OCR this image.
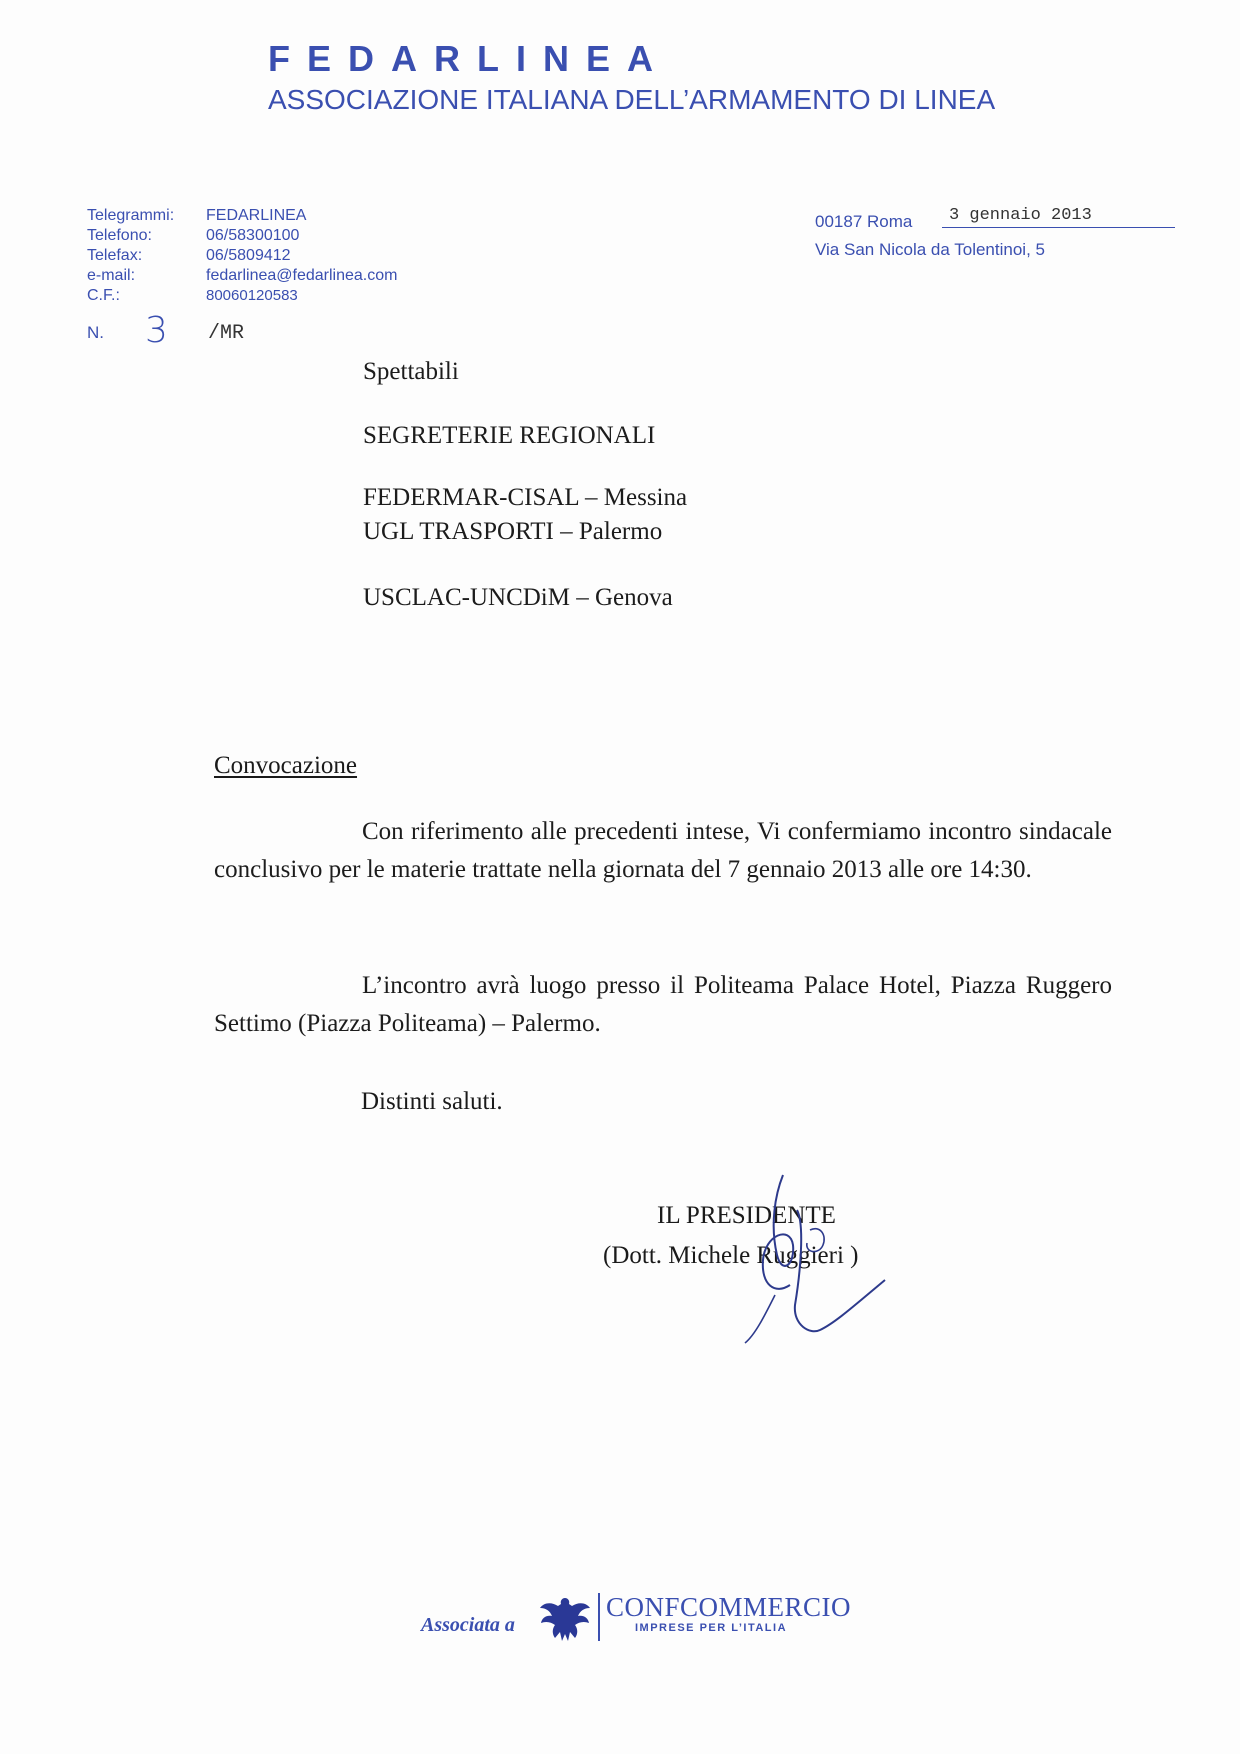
FEDARLINEA
ASSOCIAZIONE ITALIANA DELL’ARMAMENTO DI LINEA
Telegrammi:	FEDARLINEA
Telefono:	06/58300100
Telefax:	06/5809412
e-mail:	fedarlinea@fedarlinea.com
C.F.:	80060120583
N. 3 /MR
00187 Roma 3 gennaio 2013
Via San Nicola da Tolentinoi, 5
Spettabili
SEGRETERIE REGIONALI
FEDERMAR-CISAL – Messina
UGL TRASPORTI – Palermo
USCLAC-UNCDiM – Genova
Convocazione

Con riferimento alle precedenti intese, Vi confermiamo incontro sindacale conclusivo per le materie trattate nella giornata del 7 gennaio 2013 alle ore 14:30.

L’incontro avrà luogo presso il Politeama Palace Hotel, Piazza Ruggero Settimo (Piazza Politeama) – Palermo.

Distinti saluti.
IL PRESIDENTE
(Dott. Michele Ruggieri )
Associata a
CONFCOMMERCIO
IMPRESE PER L’ITALIA
